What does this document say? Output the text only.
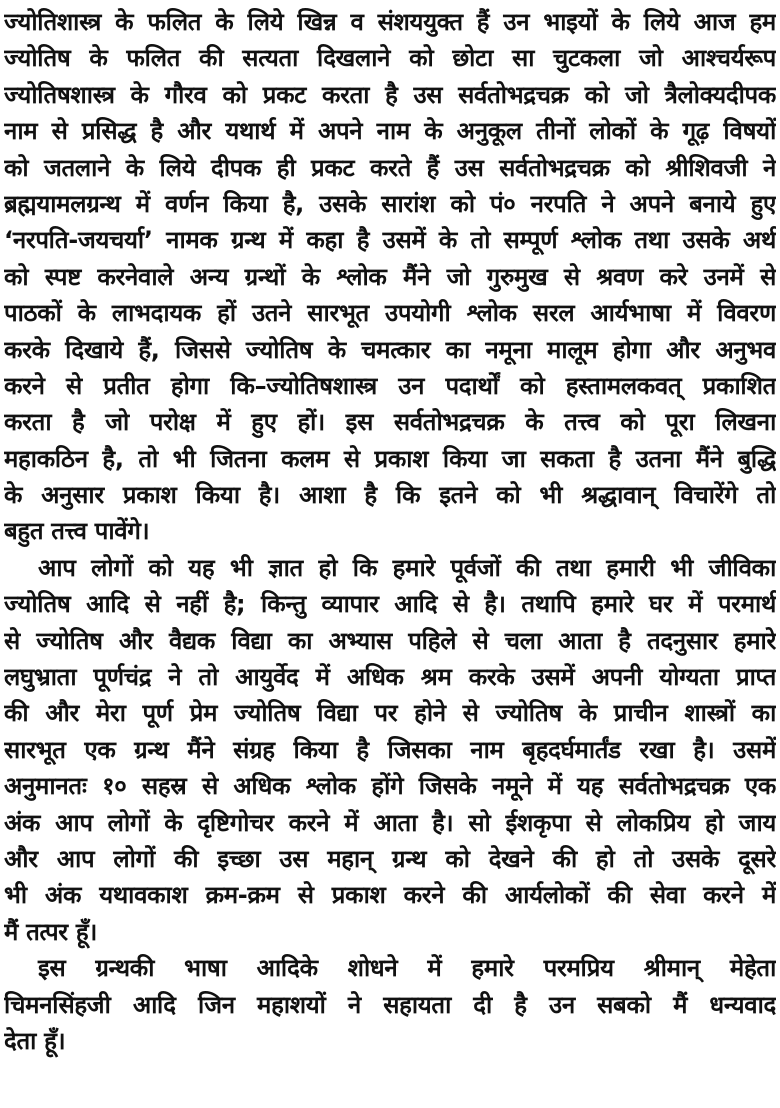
ज्योतिशास्त्र के फलित के लिये खिन्न व संशययुक्त हैं उन भाइयों के लिये आज हम
ज्योतिष के फलित की सत्यता दिखलाने को छोटा सा चुटकला जो आश्चर्यरूप
ज्योतिषशास्त्र के गौरव को प्रकट करता है उस सर्वतोभद्रचक्र को जो त्रैलोक्यदीपक
नाम से प्रसिद्ध है और यथार्थ में अपने नाम के अनुकूल तीनों लोकों के गूढ़ विषयों
को जतलाने के लिये दीपक ही प्रकट करते हैं उस सर्वतोभद्रचक्र को श्रीशिवजी ने
ब्रह्मयामलग्रन्थ में वर्णन किया है, उसके सारांश को पं० नरपति ने अपने बनाये हुए
‘नरपति-जयचर्या’ नामक ग्रन्थ में कहा है उसमें के तो सम्पूर्ण श्लोक तथा उसके अर्थ
को स्पष्ट करनेवाले अन्य ग्रन्थों के श्लोक मैंने जो गुरुमुख से श्रवण करे उनमें से
पाठकों के लाभदायक हों उतने सारभूत उपयोगी श्लोक सरल आर्यभाषा में विवरण
करके दिखाये हैं, जिससे ज्योतिष के चमत्कार का नमूना मालूम होगा और अनुभव
करने से प्रतीत होगा कि–ज्योतिषशास्त्र उन पदार्थों को हस्तामलकवत् प्रकाशित
करता है जो परोक्ष में हुए हों। इस सर्वतोभद्रचक्र के तत्त्व को पूरा लिखना
महाकठिन है, तो भी जितना कलम से प्रकाश किया जा सकता है उतना मैंने बुद्धि
के अनुसार प्रकाश किया है। आशा है कि इतने को भी श्रद्धावान् विचारेंगे तो
बहुत तत्त्व पावेंगे।
आप लोगों को यह भी ज्ञात हो कि हमारे पूर्वजों की तथा हमारी भी जीविका
ज्योतिष आदि से नहीं है; किन्तु व्यापार आदि से है। तथापि हमारे घर में परमार्थ
से ज्योतिष और वैद्यक विद्या का अभ्यास पहिले से चला आता है तदनुसार हमारे
लघुभ्राता पूर्णचंद्र ने तो आयुर्वेद में अधिक श्रम करके उसमें अपनी योग्यता प्राप्त
की और मेरा पूर्ण प्रेम ज्योतिष विद्या पर होने से ज्योतिष के प्राचीन शास्त्रों का
सारभूत एक ग्रन्थ मैंने संग्रह किया है जिसका नाम बृहदर्घमार्तंड रखा है। उसमें
अनुमानतः १० सहस्र से अधिक श्लोक होंगे जिसके नमूने में यह सर्वतोभद्रचक्र एक
अंक आप लोगों के दृष्टिगोचर करने में आता है। सो ईशकृपा से लोकप्रिय हो जाय
और आप लोगों की इच्छा उस महान् ग्रन्थ को देखने की हो तो उसके दूसरे
भी अंक यथावकाश क्रम-क्रम से प्रकाश करने की आर्यलोकों की सेवा करने में
मैं तत्पर हूँ।
इस ग्रन्थकी भाषा आदिके शोधने में हमारे परमप्रिय श्रीमान् मेहेता
चिमनसिंहजी आदि जिन महाशयों ने सहायता दी है उन सबको मैं धन्यवाद
देता हूँ।
